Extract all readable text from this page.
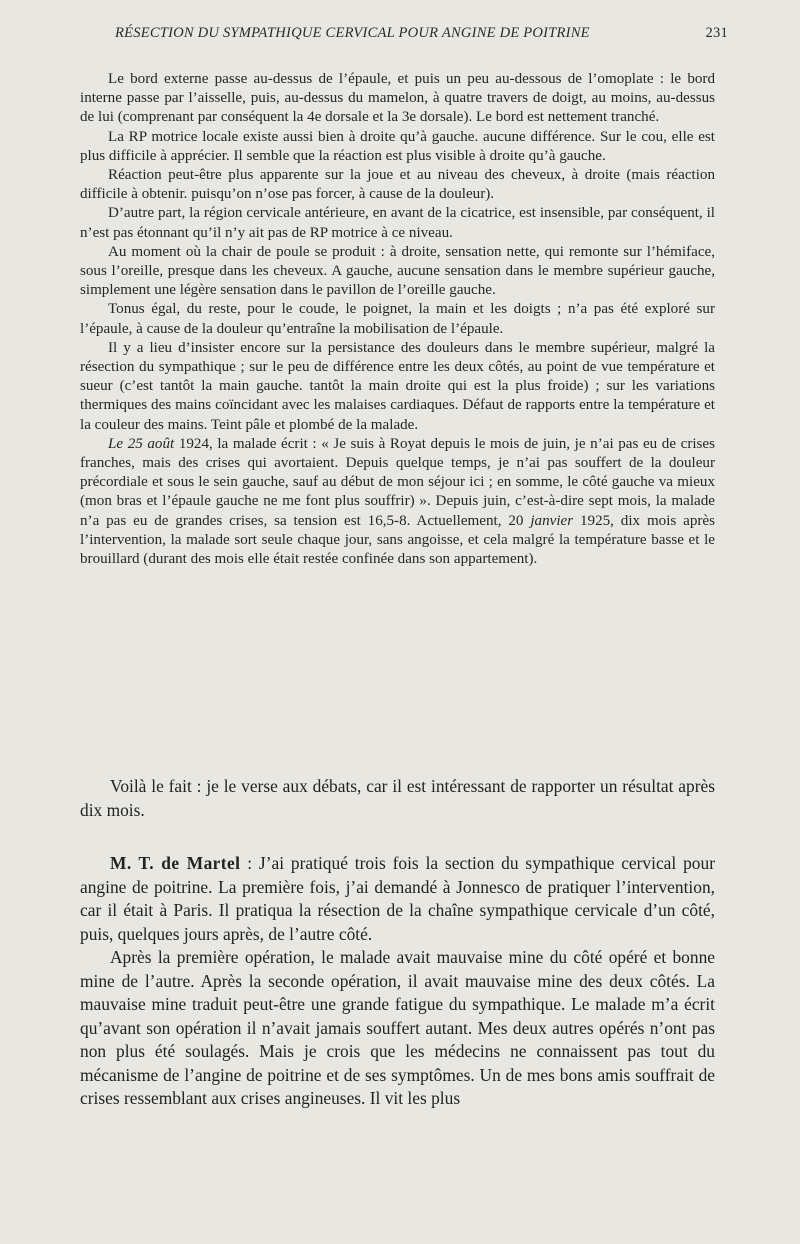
RÉSECTION DU SYMPATHIQUE CERVICAL POUR ANGINE DE POITRINE	231

Le bord externe passe au-dessus de l’épaule, et puis un peu au-dessous de l’omoplate : le bord interne passe par l’aisselle, puis, au-dessus du mamelon, à quatre travers de doigt, au moins, au-dessus de lui (comprenant par conséquent la 4e dorsale et la 3e dorsale). Le bord est nettement tranché.

La RP motrice locale existe aussi bien à droite qu’à gauche. aucune différence. Sur le cou, elle est plus difficile à apprécier. Il semble que la réaction est plus visible à droite qu’à gauche.

Réaction peut-être plus apparente sur la joue et au niveau des cheveux, à droite (mais réaction difficile à obtenir. puisqu’on n’ose pas forcer, à cause de la douleur).

D’autre part, la région cervicale antérieure, en avant de la cicatrice, est insensible, par conséquent, il n’est pas étonnant qu’il n’y ait pas de RP motrice à ce niveau.

Au moment où la chair de poule se produit : à droite, sensation nette, qui remonte sur l’hémiface, sous l’oreille, presque dans les cheveux. A gauche, aucune sensation dans le membre supérieur gauche, simplement une légère sensation dans le pavillon de l’oreille gauche.

Tonus égal, du reste, pour le coude, le poignet, la main et les doigts ; n’a pas été exploré sur l’épaule, à cause de la douleur qu’entraîne la mobilisation de l’épaule.

Il y a lieu d’insister encore sur la persistance des douleurs dans le membre supérieur, malgré la résection du sympathique ; sur le peu de différence entre les deux côtés, au point de vue température et sueur (c’est tantôt la main gauche. tantôt la main droite qui est la plus froide) ; sur les variations thermiques des mains coïncidant avec les malaises cardiaques. Défaut de rapports entre la température et la couleur des mains. Teint pâle et plombé de la malade.

Le 25 août 1924, la malade écrit : « Je suis à Royat depuis le mois de juin, je n’ai pas eu de crises franches, mais des crises qui avortaient. Depuis quelque temps, je n’ai pas souffert de la douleur précordiale et sous le sein gauche, sauf au début de mon séjour ici ; en somme, le côté gauche va mieux (mon bras et l’épaule gauche ne me font plus souffrir) ». Depuis juin, c’est-à-dire sept mois, la malade n’a pas eu de grandes crises, sa tension est 16,5-8. Actuellement, 20 janvier 1925, dix mois après l’intervention, la malade sort seule chaque jour, sans angoisse, et cela malgré la température basse et le brouillard (durant des mois elle était restée confinée dans son appartement).

Voilà le fait : je le verse aux débats, car il est intéressant de rapporter un résultat après dix mois.

M. T. de Martel : J’ai pratiqué trois fois la section du sympathique cervical pour angine de poitrine. La première fois, j’ai demandé à Jonnesco de pratiquer l’intervention, car il était à Paris. Il pratiqua la résection de la chaîne sympathique cervicale d’un côté, puis, quelques jours après, de l’autre côté.

Après la première opération, le malade avait mauvaise mine du côté opéré et bonne mine de l’autre. Après la seconde opération, il avait mauvaise mine des deux côtés. La mauvaise mine traduit peut-être une grande fatigue du sympathique. Le malade m’a écrit qu’avant son opération il n’avait jamais souffert autant. Mes deux autres opérés n’ont pas non plus été soulagés. Mais je crois que les médecins ne connaissent pas tout du mécanisme de l’angine de poitrine et de ses symptômes. Un de mes bons amis souffrait de crises ressemblant aux crises angineuses. Il vit les plus
